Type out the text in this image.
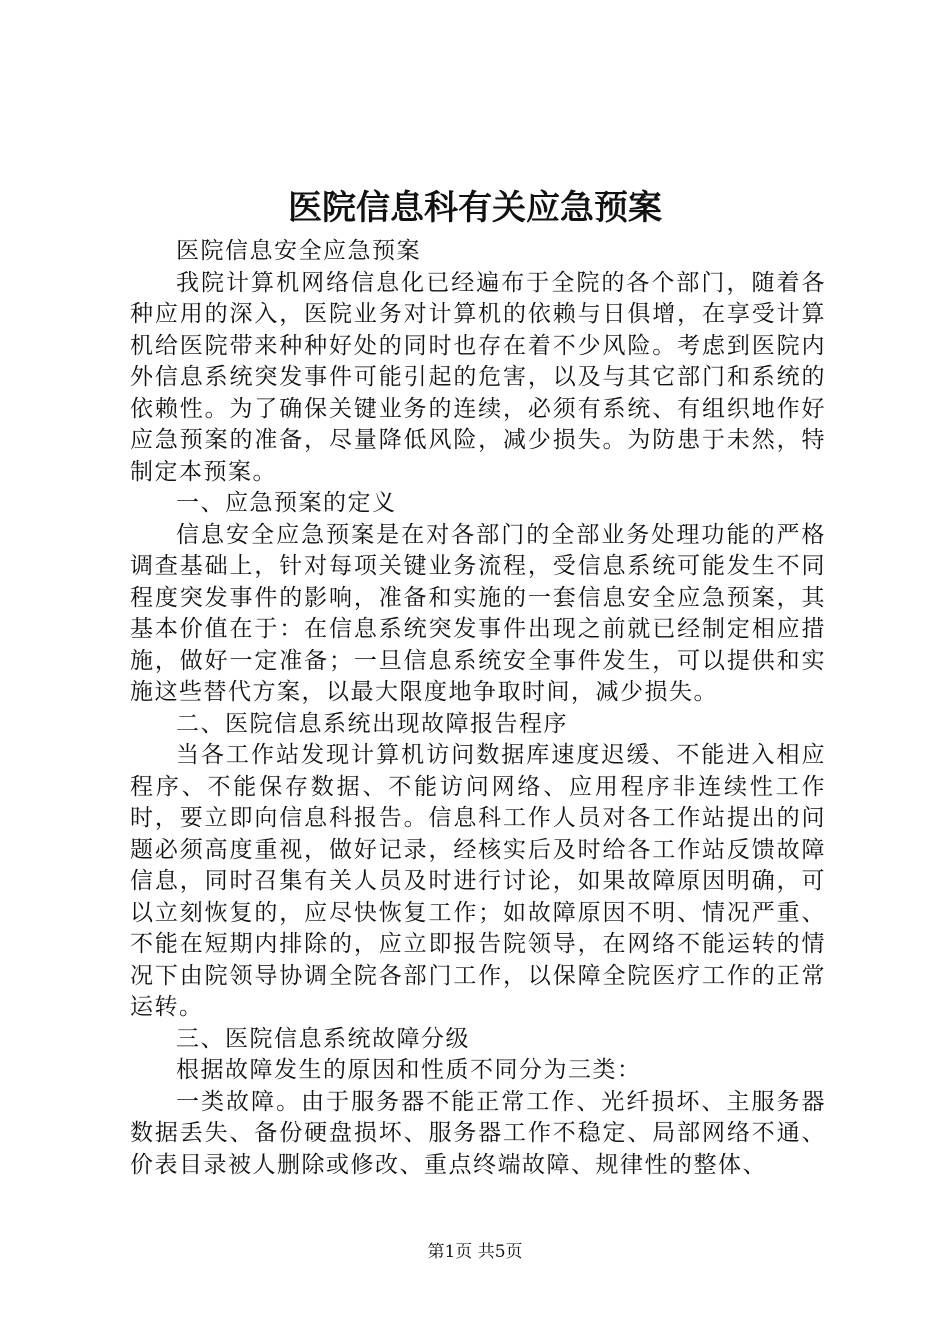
医院信息科有关应急预案

医院信息安全应急预案

我院计算机网络信息化已经遍布于全院的各个部门，随着各种应用的深入，医院业务对计算机的依赖与日俱增，在享受计算机给医院带来种种好处的同时也存在着不少风险。考虑到医院内外信息系统突发事件可能引起的危害，以及与其它部门和系统的依赖性。为了确保关键业务的连续，必须有系统、有组织地作好应急预案的准备，尽量降低风险，减少损失。为防患于未然，特制定本预案。

一、应急预案的定义

信息安全应急预案是在对各部门的全部业务处理功能的严格调查基础上，针对每项关键业务流程，受信息系统可能发生不同程度突发事件的影响，准备和实施的一套信息安全应急预案，其基本价值在于：在信息系统突发事件出现之前就已经制定相应措施，做好一定准备；一旦信息系统安全事件发生，可以提供和实施这些替代方案，以最大限度地争取时间，减少损失。

二、医院信息系统出现故障报告程序

当各工作站发现计算机访问数据库速度迟缓、不能进入相应程序、不能保存数据、不能访问网络、应用程序非连续性工作时，要立即向信息科报告。信息科工作人员对各工作站提出的问题必须高度重视，做好记录，经核实后及时给各工作站反馈故障信息，同时召集有关人员及时进行讨论，如果故障原因明确，可以立刻恢复的，应尽快恢复工作；如故障原因不明、情况严重、不能在短期内排除的，应立即报告院领导，在网络不能运转的情况下由院领导协调全院各部门工作，以保障全院医疗工作的正常运转。

三、医院信息系统故障分级

根据故障发生的原因和性质不同分为三类：

一类故障。由于服务器不能正常工作、光纤损坏、主服务器数据丢失、备份硬盘损坏、服务器工作不稳定、局部网络不通、价表目录被人删除或修改、重点终端故障、规律性的整体、

第1页 共5页
